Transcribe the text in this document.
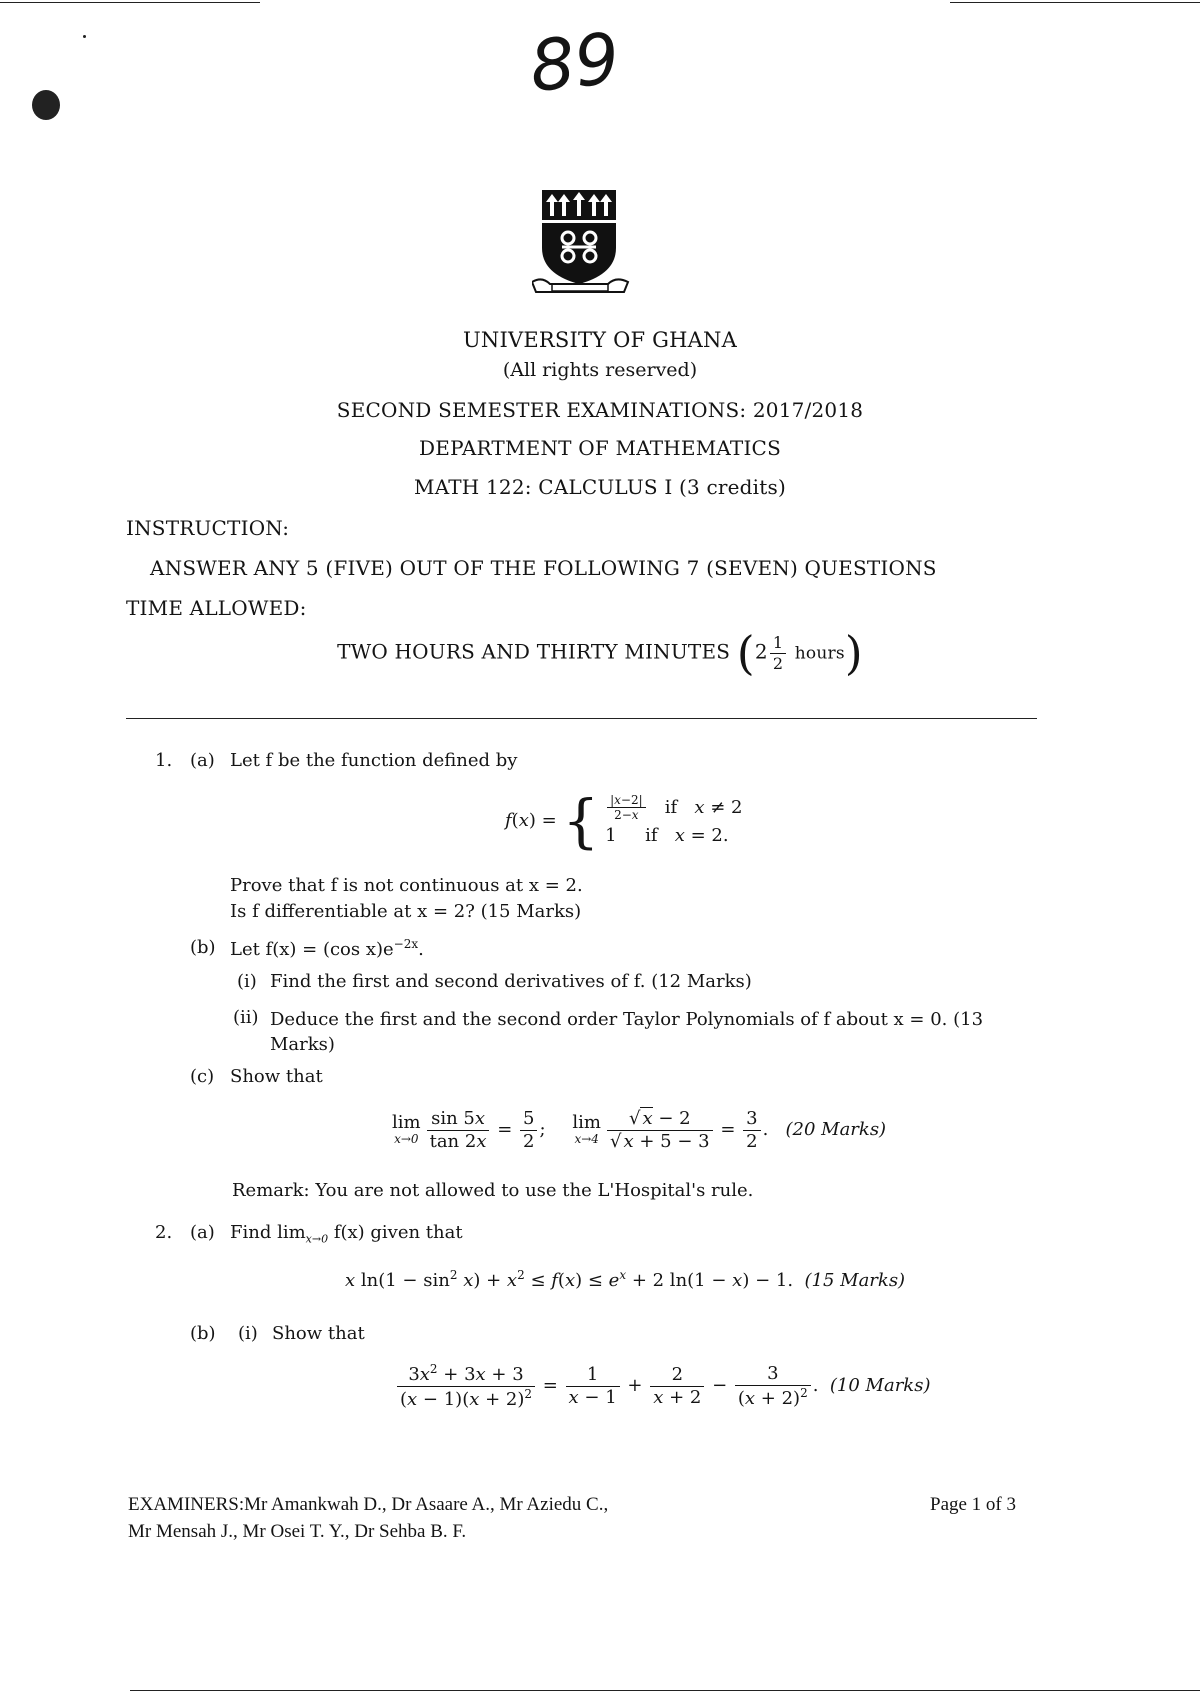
89
UNIVERSITY OF GHANA
(All rights reserved)
SECOND SEMESTER EXAMINATIONS: 2017/2018
DEPARTMENT OF MATHEMATICS
MATH 122: CALCULUS I (3 credits)
INSTRUCTION:
ANSWER ANY 5 (FIVE) OUT OF THE FOLLOWING 7 (SEVEN) QUESTIONS
TIME ALLOWED:
TWO HOURS AND THIRTY MINUTES ($2 \frac{1}{2}$ hours)
1. (a) Let f be the function defined by
f(x) = { $\frac{|x-2|}{2-x}$ if   x ≠ 2
1     if   x = 2.
Prove that f is not continuous at x = 2.
Is f differentiable at x = 2? (15 Marks)
(b) Let f(x) = (cos $x)e^{-2x}$.
(i) Find the first and second derivatives of f. (12 Marks)
(ii) Deduce the first and the second order Taylor Polynomials of f about x = 0. (13 Marks)
(c) Show that
lim
$x\to 0 \frac{\sin 5x}{\tan 2x} = \frac{5}{2}$ ;    lim
$x\to 4 \frac{√ x - 2}{√ x + 5 - 3} = \frac{3}{2}$ .   (20 Marks)
Remark: You are not allowed to use the L'Hospital's rule.
2. (a) Find $\lim_{x\to 0} f(x)$ given that
x $\ln(1 - \sin^2 x) + x^2 \le f(x) \le e^x + 2$ ln(1 − x) − 1.  (15 Marks)
(b) (i) Show that
$\frac{3x^2 + 3x + 3}{(x - 1)(x + 2)^2} = \frac{1}{x - 1} + \frac{2}{x + 2} - \frac{3}{(x + 2)^2}$ .  (10 Marks)
EXAMINERS:Mr Amankwah D., Dr Asaare A., Mr Aziedu C.,
Mr Mensah J., Mr Osei T. Y., Dr Sehba B. F.
Page 1 of 3
